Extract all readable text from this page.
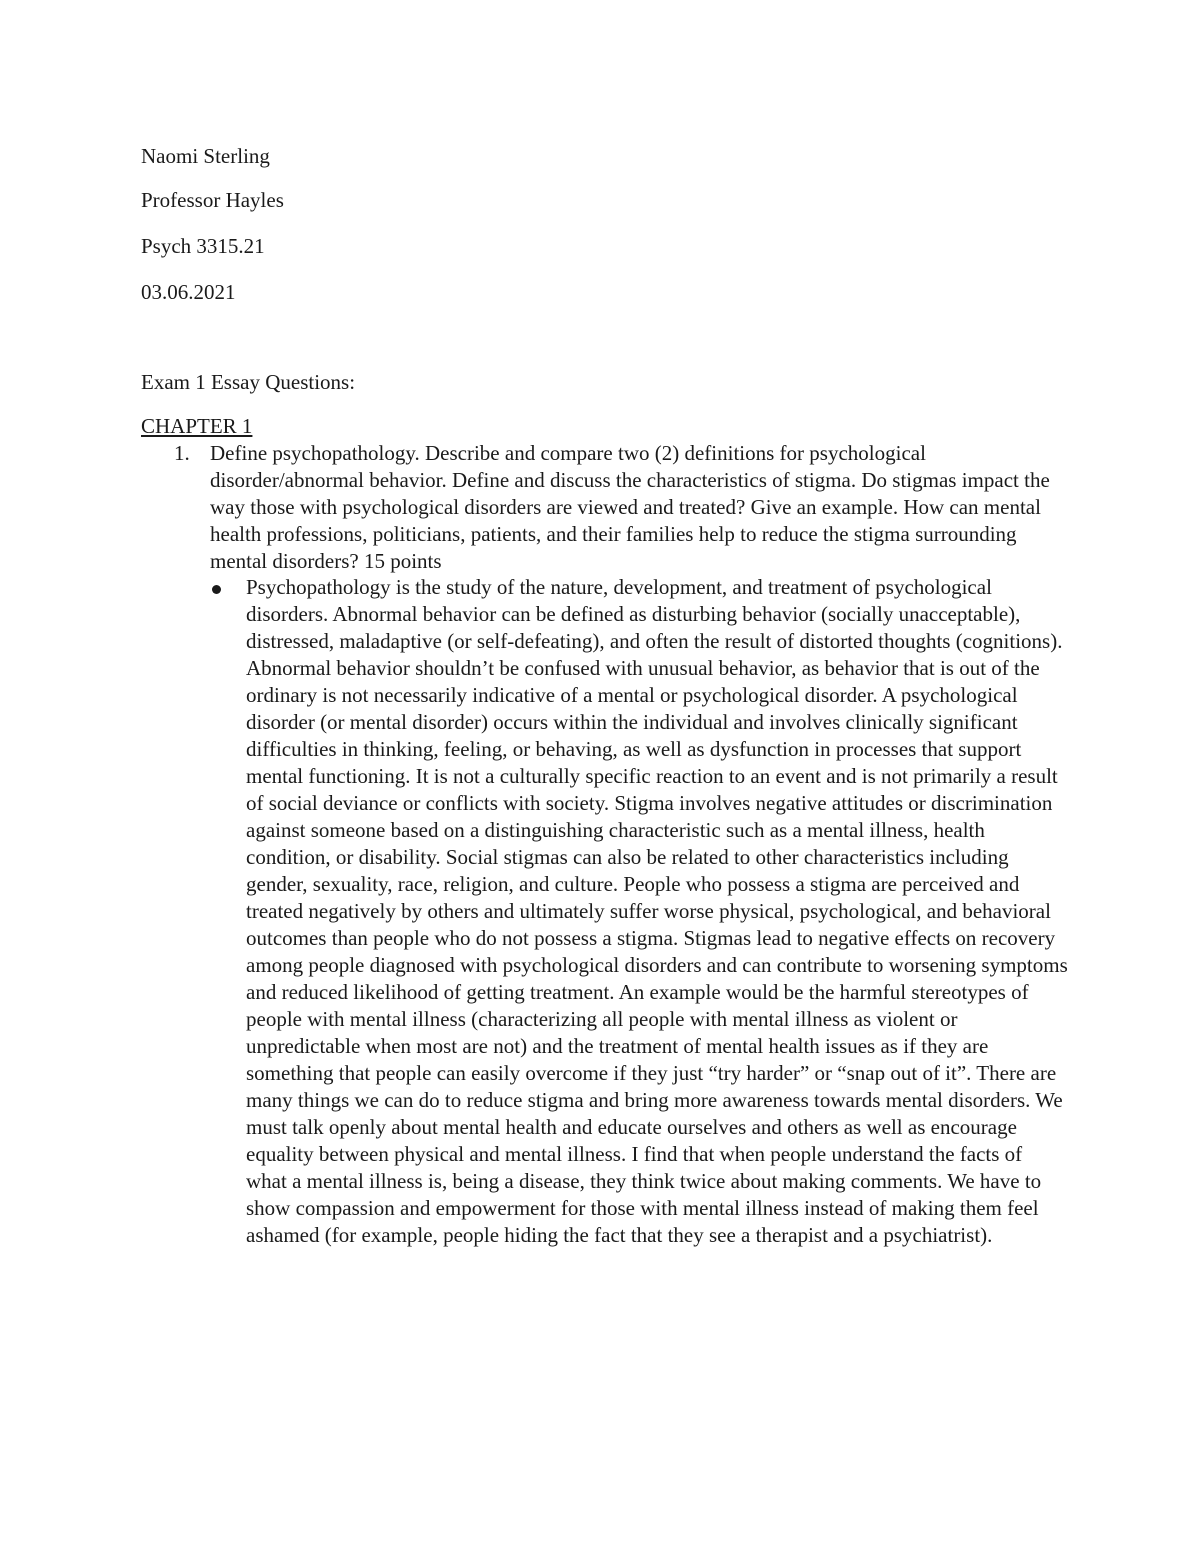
Naomi Sterling

Professor Hayles

Psych 3315.21

03.06.2021

Exam 1 Essay Questions:

CHAPTER 1

1. Define psychopathology. Describe and compare two (2) definitions for psychological disorder/abnormal behavior. Define and discuss the characteristics of stigma. Do stigmas impact the way those with psychological disorders are viewed and treated? Give an example. How can mental health professions, politicians, patients, and their families help to reduce the stigma surrounding mental disorders? 15 points

Psychopathology is the study of the nature, development, and treatment of psychological disorders. Abnormal behavior can be defined as disturbing behavior (socially unacceptable), distressed, maladaptive (or self-defeating), and often the result of distorted thoughts (cognitions). Abnormal behavior shouldn’t be confused with unusual behavior, as behavior that is out of the ordinary is not necessarily indicative of a mental or psychological disorder. A psychological disorder (or mental disorder) occurs within the individual and involves clinically significant difficulties in thinking, feeling, or behaving, as well as dysfunction in processes that support mental functioning. It is not a culturally specific reaction to an event and is not primarily a result of social deviance or conflicts with society. Stigma involves negative attitudes or discrimination against someone based on a distinguishing characteristic such as a mental illness, health condition, or disability. Social stigmas can also be related to other characteristics including gender, sexuality, race, religion, and culture. People who possess a stigma are perceived and treated negatively by others and ultimately suffer worse physical, psychological, and behavioral outcomes than people who do not possess a stigma. Stigmas lead to negative effects on recovery among people diagnosed with psychological disorders and can contribute to worsening symptoms and reduced likelihood of getting treatment. An example would be the harmful stereotypes of people with mental illness (characterizing all people with mental illness as violent or unpredictable when most are not) and the treatment of mental health issues as if they are something that people can easily overcome if they just “try harder” or “snap out of it”. There are many things we can do to reduce stigma and bring more awareness towards mental disorders. We must talk openly about mental health and educate ourselves and others as well as encourage equality between physical and mental illness. I find that when people understand the facts of what a mental illness is, being a disease, they think twice about making comments. We have to show compassion and empowerment for those with mental illness instead of making them feel ashamed (for example, people hiding the fact that they see a therapist and a psychiatrist).
